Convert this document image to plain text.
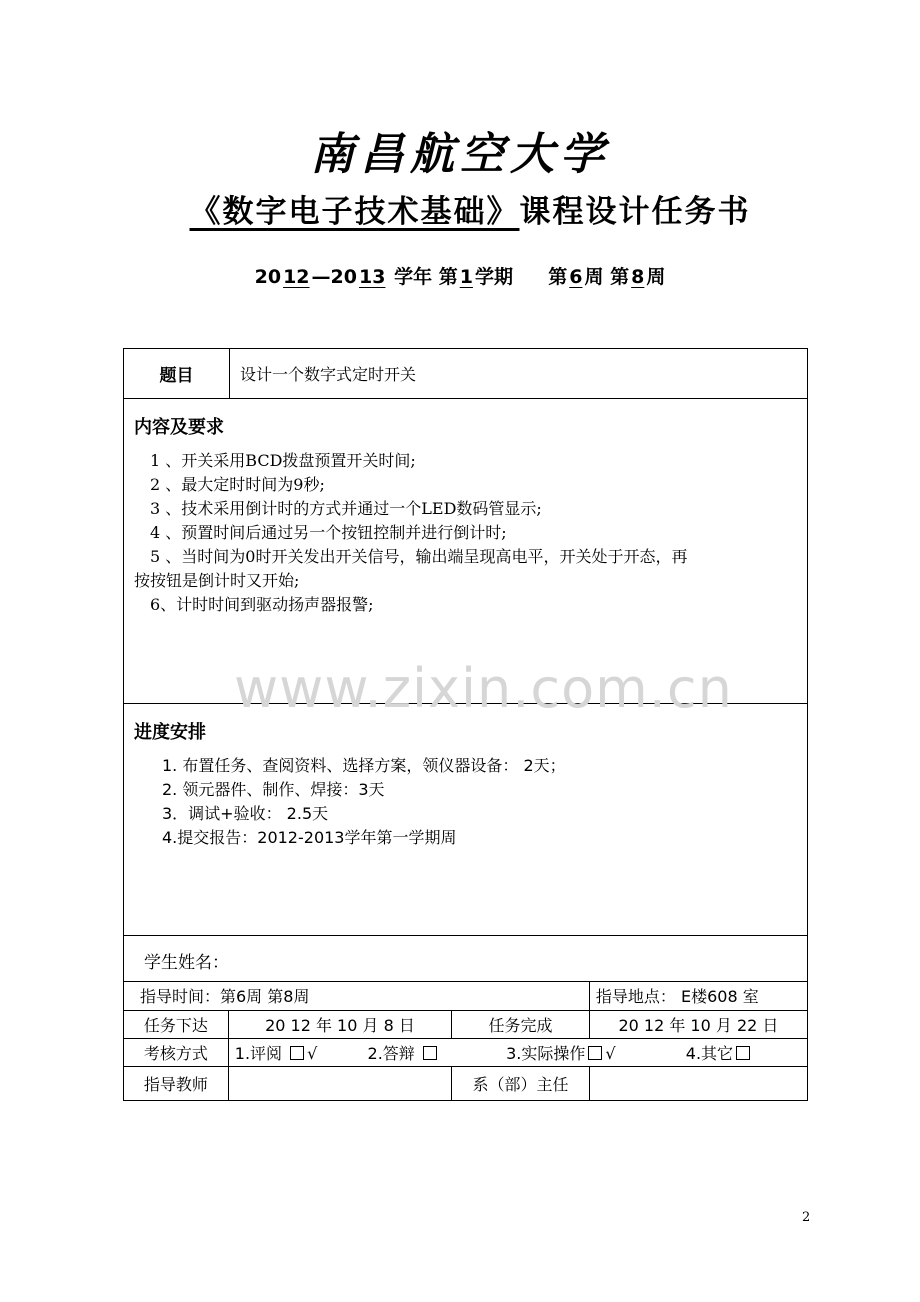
南昌航空大学
《数字电子技术基础》课程设计任务书
20 12 —20 13 学年 第 1 学期 第 6 周 第 8 周
题目	设计一个数字式定时开关
内容及要求
1 、开关采用BCD拨盘预置开关时间;
2 、最大定时时间为9秒;
3 、技术采用倒计时的方式并通过一个LED数码管显示;
4 、预置时间后通过另一个按钮控制并进行倒计时;
5 、当时间为0时开关发出开关信号，输出端呈现高电平，开关处于开态，再
按按钮是倒计时又开始;
6、计时时间到驱动扬声器报警;
www.zixin.com.cn
进度安排
1. 布置任务、查阅资料、选择方案，领仪器设备： 2天；
2. 领元器件、制作、焊接：3天
3．调试+验收： 2.5天
4.提交报告：2012-2013学年第一学期周
学生姓名：
指导时间：第6周 第8周			指导地点： E楼608 室
任务下达	20 12 年 10 月 8 日	任务完成	20 12 年 10 月 22 日
考核方式	1.评阅 √ 2.答辩 3.实际操作 √ 4.其它		
指导教师		系（部）主任	
2
